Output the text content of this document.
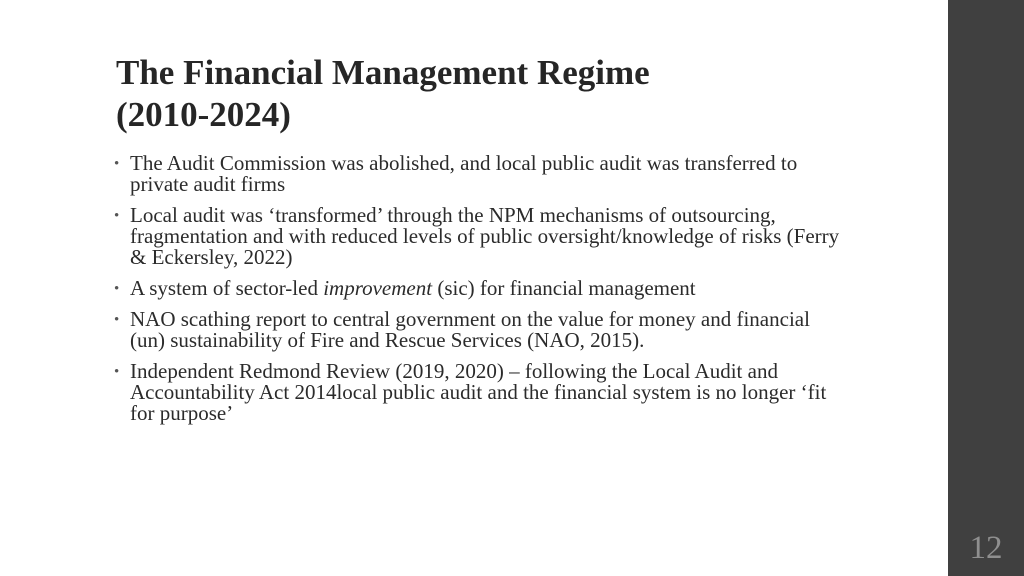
The Financial Management Regime
(2010-2024)
• The Audit Commission was abolished, and local public audit was transferred to private audit firms
• Local audit was ‘transformed’ through the NPM mechanisms of outsourcing, fragmentation and with reduced levels of public oversight/knowledge of risks (Ferry & Eckersley, 2022)
• A system of sector-led improvement (sic) for financial management
• NAO scathing report to central government on the value for money and financial (un) sustainability of Fire and Rescue Services (NAO, 2015).
• Independent Redmond Review (2019, 2020) – following the Local Audit and Accountability Act 2014local public audit and the financial system is no longer ‘fit for purpose’
12
